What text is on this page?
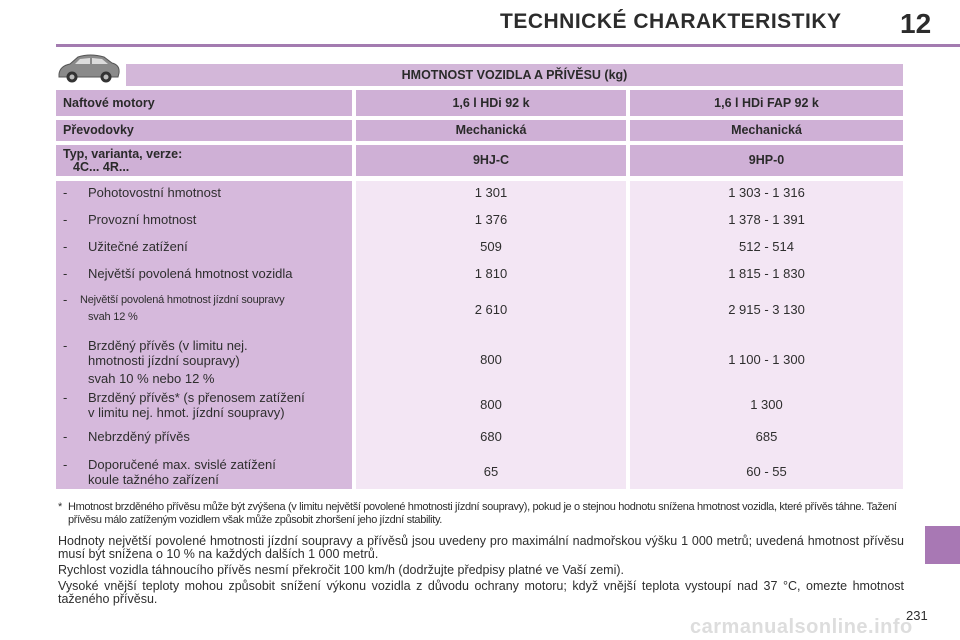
TECHNICKÉ CHARAKTERISTIKY 12
HMOTNOST VOZIDLA A PŘÍVĚSU (kg)
Naftové motory	1,6 l HDi 92 k	1,6 l HDi FAP 92 k
Převodovky	Mechanická	Mechanická
Typ, varianta, verze:
4C... 4R...	9HJ-C	9HP-0
- Pohotovostní hmotnost	1 301	1 303 - 1 316
- Provozní hmotnost	1 376	1 378 - 1 391
- Užitečné zatížení	509	512 - 514
- Největší povolená hmotnost vozidla	1 810	1 815 - 1 830
- Největší povolená hmotnost jízdní soupravy
svah 12 %	2 610	2 915 - 3 130
- Brzděný přívěs (v limitu nej.
hmotnosti jízdní soupravy)
svah 10 % nebo 12 %
800	1 100 - 1 300
- Brzděný přívěs* (s přenosem zatížení
v limitu nej. hmot. jízdní soupravy)
800	1 300
- Nebrzděný přívěs	680	685
- Doporučené max. svislé zatížení
koule tažného zařízení
65	60 - 55
* Hmotnost brzděného přívěsu může být zvýšena (v limitu největší povolené hmotnosti jízdní soupravy), pokud je o stejnou hodnotu snížena hmotnost vozidla, které přívěs táhne. Tažení přívěsu málo zatíženým vozidlem však může způsobit zhoršení jeho jízdní stability.
Hodnoty největší povolené hmotnosti jízdní soupravy a přívěsů jsou uvedeny pro maximální nadmořskou výšku 1 000 metrů; uvedená hmotnost přívěsu musí být snížena o 10 % na každých dalších 1 000 metrů.
Rychlost vozidla táhnoucího přívěs nesmí překročit 100 km/h (dodržujte předpisy platné ve Vaší zemi).
Vysoké vnější teploty mohou způsobit snížení výkonu vozidla z důvodu ochrany motoru; když vnější teplota vystoupí nad 37 °C, omezte hmotnost taženého přívěsu.
231
carmanualsonline.info
